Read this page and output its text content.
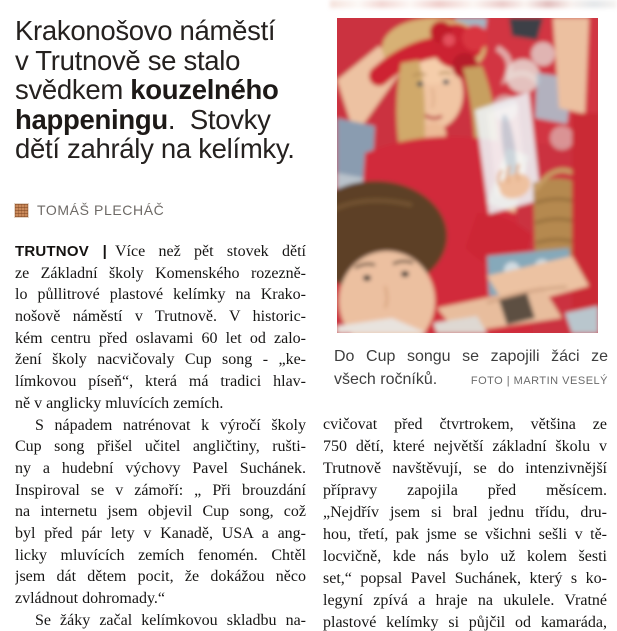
Krakonošovo náměstí
v Trutnově se stalo
svědkem kouzelného
happeningu.  Stovky
dětí zahrály na kelímky.
TOMÁŠ PLECHÁČ
TRUTNOV | Více než pět stovek dětí
ze Základní školy Komenského rozezně-
lo půllitrové plastové kelímky na Krako-
nošově náměstí v Trutnově. V historic-
kém centru před oslavami 60 let od zalo-
žení školy nacvičovaly Cup song - „ke-
límkovou píseň“, která má tradici hlav-
ně v anglicky mluvících zemích.
S nápadem natrénovat k výročí školy
Cup song přišel učitel angličtiny, rušti-
ny a hudební výchovy Pavel Suchánek.
Inspiroval se v zámoří: „ Při brouzdání
na internetu jsem objevil Cup song, což
byl před pár lety v Kanadě, USA a ang-
licky mluvících zemích fenomén. Chtěl
jsem dát dětem pocit, že dokážou něco
zvládnout dohromady.“
Se žáky začal kelímkovou skladbu na-
Do Cup songu se zapojili žáci ze
všech ročníků.	FOTO | MARTIN VESELÝ
cvičovat před čtvrtrokem, většina ze
750 dětí, které největší základní školu v
Trutnově navštěvují, se do intenzivnější
přípravy zapojila před měsícem.
„Nejdřív jsem si bral jednu třídu, dru-
hou, třetí, pak jsme se všichni sešli v tě-
locvičně, kde nás bylo už kolem šesti
set,“ popsal Pavel Suchánek, který s ko-
legyní zpívá a hraje na ukulele. Vratné
plastové kelímky si půjčil od kamaráda,
